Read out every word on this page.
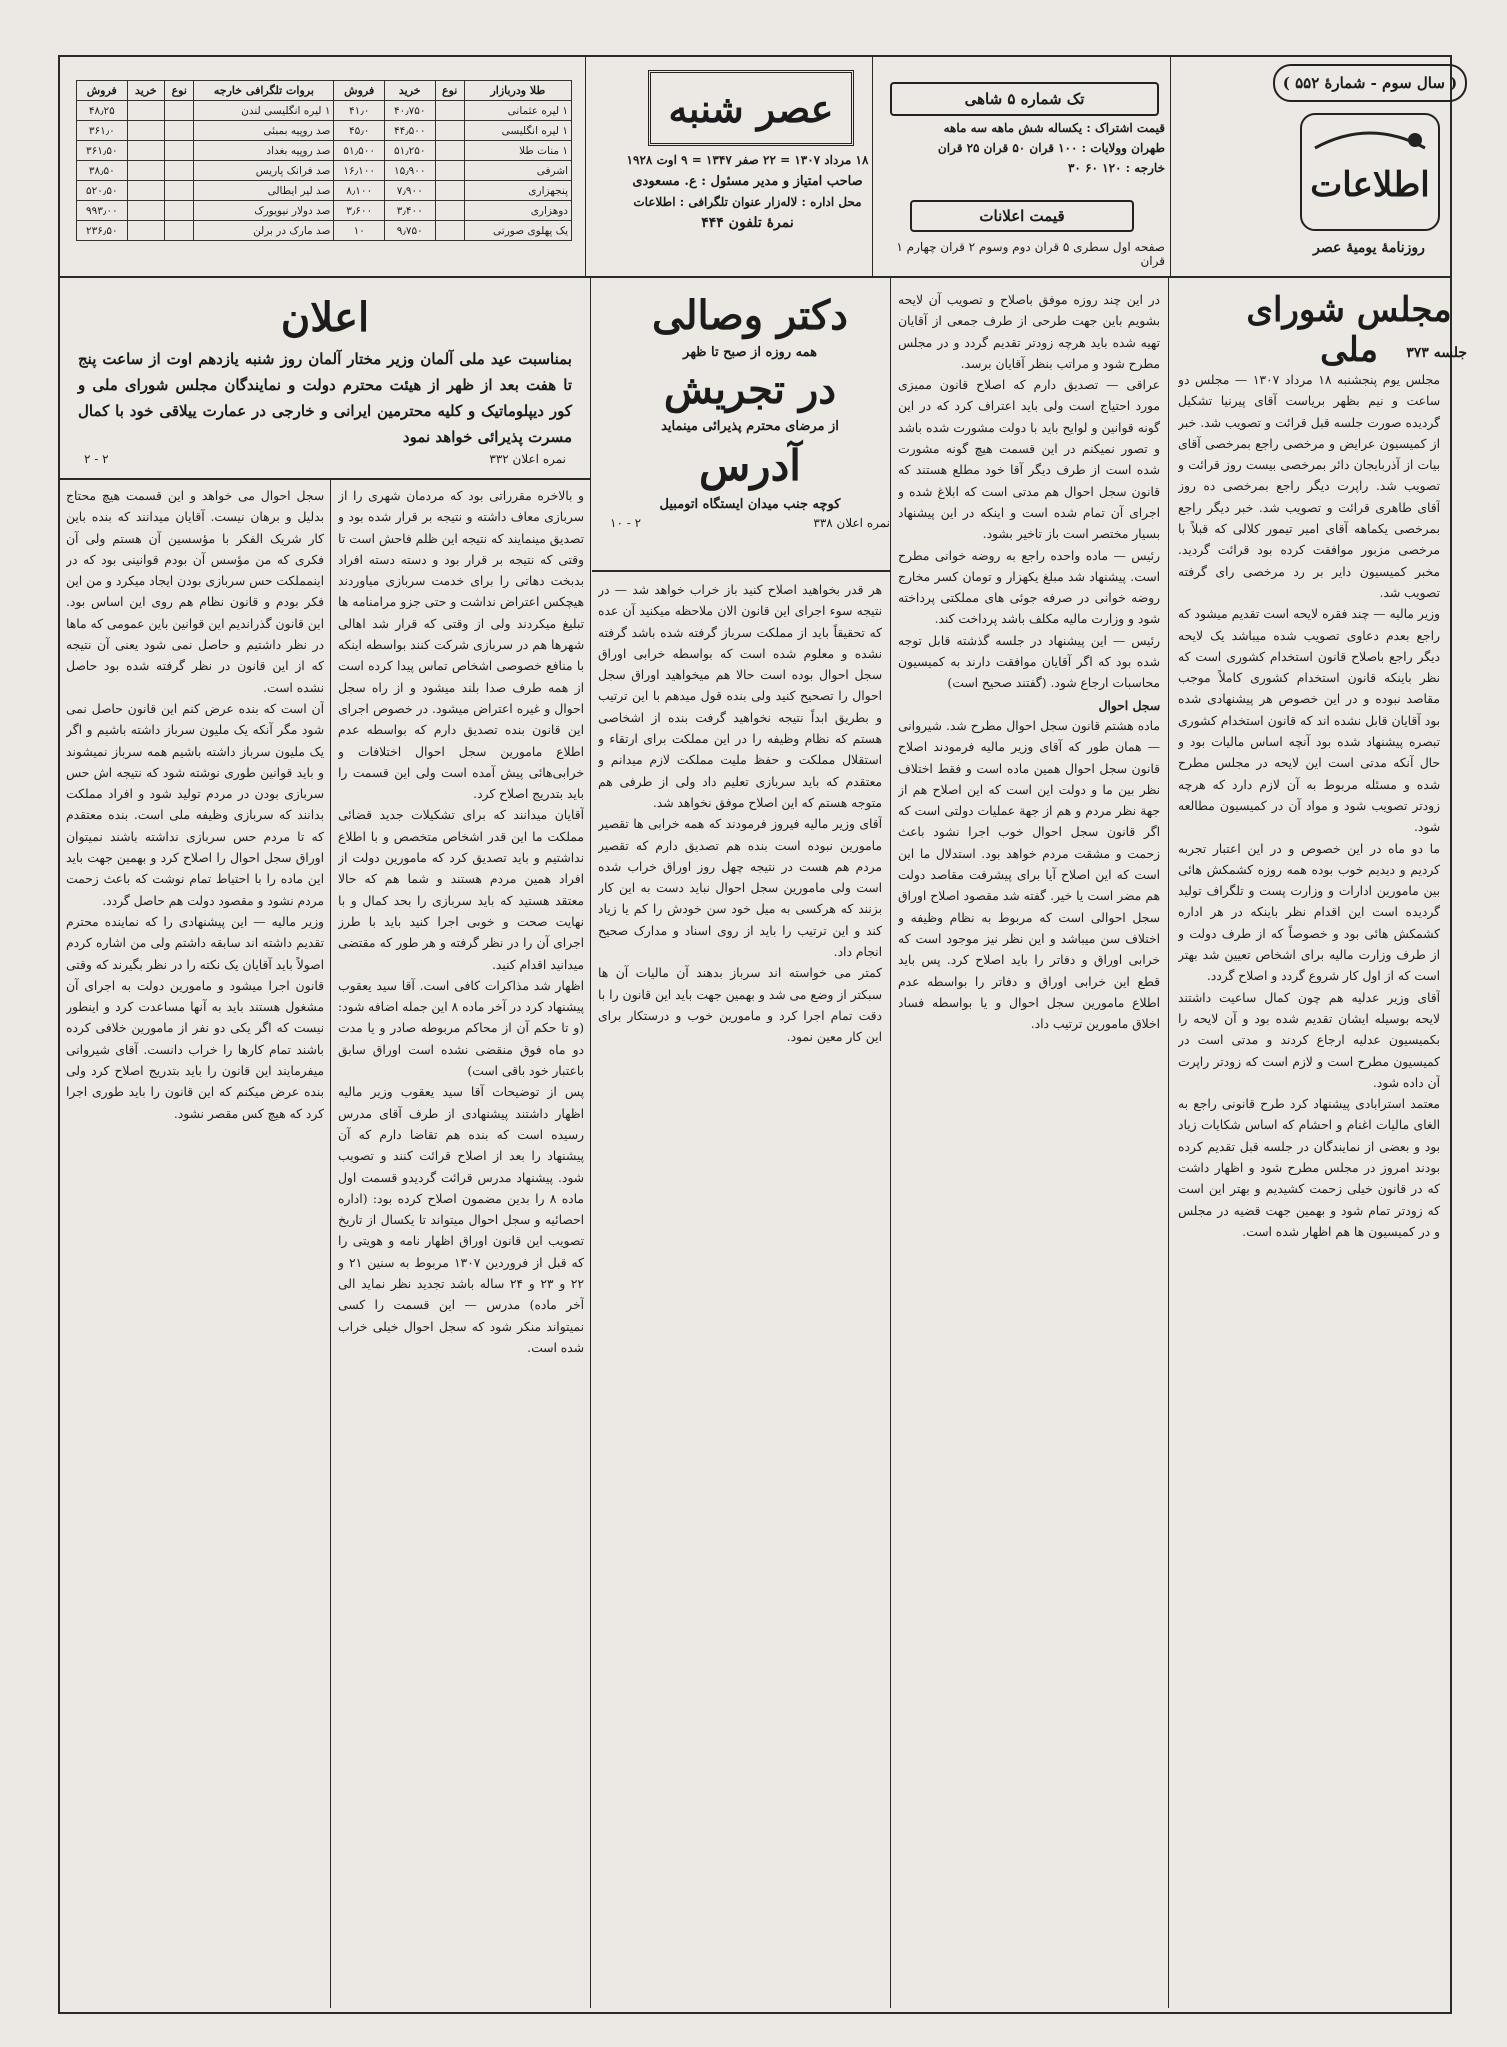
( سال سوم - شمارهٔ ۵۵۲ )
اطلاعات
روزنامهٔ یومیهٔ عصر
تک شماره ۵ شاهی
قیمت اشتراک : یکساله شش ماهه سه ماهه
طهران وولایات : ۱۰۰ قران ۵۰ قران ۲۵ قران
خارجه : ۱۲۰ ۶۰ ۳۰
قیمت اعلانات
صفحه اول سطری ۵ قران دوم وسوم ۲ قران چهارم ۱ قران
عصر ‌شنبه
۱۸ مرداد ۱۳۰۷ = ۲۲ صفر ۱۳۴۷ = ۹ اوت ۱۹۲۸
صاحب امتیاز و مدیر مسئول : ع. مسعودی
محل اداره : لاله‌زار عنوان تلگرافی : اطلاعات
نمرهٔ تلفون ۴۴۴
طلا ودربازار	نوع	خرید	فروش	بروات تلگرافی خارجه	نوع	خرید	فروش
۱ لیره عثمانی		۴۰٫۷۵۰	۴۱٫۰	۱ لیره انگلیسی لندن			۴۸٫۲۵
۱ لیره انگلیسی		۴۴٫۵۰۰	۴۵٫۰	صد روپیه بمبئی			۳۶۱٫۰
۱ منات طلا		۵۱٫۲۵۰	۵۱٫۵۰۰	صد روپیه بغداد			۳۶۱٫۵۰
اشرفی		۱۵٫۹۰۰	۱۶٫۱۰۰	صد فرانک پاریس			۳۸٫۵۰
پنجهزاری		۷٫۹۰۰	۸٫۱۰۰	صد لیر ایطالی			۵۲۰٫۵۰
دوهزاری		۳٫۴۰۰	۳٫۶۰۰	صد دولار نیویورک			۹۹۳٫۰۰
یک پهلوی صورتی		۹٫۷۵۰	۱۰	صد مارک در برلن			۲۳۶٫۵۰
مجلس شورای ملی	جلسه ۳۷۳
دکتر وصالی
همه روزه از صبح تا ظهر
در تجریش
از مرضای محترم پذیرائی مینماید
آدرس
کوچه جنب میدان ایستگاه اتومبیل
نمره اعلان ۳۳۸
۲ - ۱۰
اعلان
بمناسبت عید ملی آلمان وزیر مختار آلمان روز شنبه یازدهم اوت از ساعت پنج تا هفت بعد از ظهر از هیئت محترم دولت و نمایندگان مجلس شورای ملی و کور دیپلوماتیک و کلیه محترمین ایرانی و خارجی در عمارت ییلاقی خود با کمال مسرت پذیرائی خواهد نمود
نمره اعلان ۳۳۲
۲ - ۲

مجلس یوم پنجشنبه ۱۸ مرداد ۱۳۰۷ — مجلس دو ساعت و نیم بظهر بریاست آقای پیرنیا تشکیل گردیده صورت جلسه قبل قرائت و تصویب شد. خبر از کمیسیون عرایض و مرخصی راجع بمرخصی آقای بیات از آذربایجان دائر بمرخصی بیست روز قرائت و تصویب شد. راپرت دیگر راجع بمرخصی ده روز آقای طاهری قرائت و تصویب شد. خبر دیگر راجع بمرخصی یکماهه آقای امیر تیمور کلالی که قبلاً با مرخصی مزبور موافقت کرده بود قرائت گردید. مخبر کمیسیون دایر بر رد مرخصی رای گرفته تصویب شد.

وزیر مالیه — چند فقره لایحه است تقدیم میشود که راجع بعدم دعاوی تصویب شده میباشد یک لایحه دیگر راجع باصلاح قانون استخدام کشوری است که نظر باینکه قانون استخدام کشوری کاملاً موجب مقاصد نبوده و در این خصوص هر پیشنهادی شده بود آقایان قابل نشده اند که قانون استخدام کشوری تبصره پیشنهاد شده بود آنچه اساس مالیات بود و حال آنکه مدتی است این لایحه در مجلس مطرح شده و مسئله مربوط به آن لازم دارد که هرچه زودتر تصویب شود و مواد آن در کمیسیون مطالعه شود.

ما دو ماه در این خصوص و در این اعتبار تجربه کردیم و دیدیم خوب بوده همه روزه کشمکش هائی بین مامورین ادارات و وزارت پست و تلگراف تولید گردیده است این اقدام نظر باینکه در هر اداره کشمکش هائی بود و خصوصاً که از طرف دولت و از طرف وزارت مالیه برای اشخاص تعیین شد بهتر است که از اول کار شروع گردد و اصلاح گردد.

آقای وزیر عدلیه هم چون کمال ساعیت داشتند لایحه بوسیله ایشان تقدیم شده بود و آن لایحه را بکمیسیون عدلیه ارجاع کردند و مدتی است در کمیسیون مطرح است و لازم است که زودتر راپرت آن داده شود.

معتمد استرابادی پیشنهاد کرد طرح قانونی راجع به الغای مالیات اغنام و احشام که اساس شکایات زیاد بود و بعضی از نمایندگان در جلسه قبل تقدیم کرده بودند امروز در مجلس مطرح شود و اظهار داشت که در قانون خیلی زحمت کشیدیم و بهتر این است که زودتر تمام شود و بهمین جهت قضیه در مجلس و در کمیسیون ها هم اظهار شده است.

در این چند روزه موفق باصلاح و تصویب آن لایحه بشویم باین جهت طرحی از طرف جمعی از آقایان تهیه شده باید هرچه زودتر تقدیم گردد و در مجلس مطرح شود و مراتب بنظر آقایان برسد.

عراقی — تصدیق دارم که اصلاح قانون ممیزی مورد احتیاج است ولی باید اعتراف کرد که در این گونه قوانین و لوایح باید با دولت مشورت شده باشد و تصور نمیکنم در این قسمت هیچ گونه مشورت شده است از طرف دیگر آقا خود مطلع هستند که قانون سجل احوال هم مدتی است که ابلاغ شده و اجرای آن تمام شده است و اینکه در این پیشنهاد بسیار مختصر است باز تاخیر بشود.

رئیس — ماده واحده راجع به روضه خوانی مطرح است. پیشنهاد شد مبلغ یکهزار و تومان کسر مخارج روضه خوانی در صرفه جوئی های مملکتی پرداخته شود و وزارت مالیه مکلف باشد پرداخت کند.

رئیس — این پیشنهاد در جلسه گذشته قابل توجه شده بود که اگر آقایان موافقت دارند به کمیسیون محاسبات ارجاع شود. (گفتند صحیح است)

سجل احوال

ماده هشتم قانون سجل احوال مطرح شد. شیروانی — همان طور که آقای وزیر مالیه فرمودند اصلاح قانون سجل احوال همین ماده است و فقط اختلاف نظر بین ما و دولت این است که این اصلاح هم از جهة نظر مردم و هم از جهة عملیات دولتی است که اگر قانون سجل احوال خوب اجرا نشود باعث زحمت و مشقت مردم خواهد بود. استدلال ما این است که این اصلاح آیا برای پیشرفت مقاصد دولت هم مضر است یا خیر. گفته شد مقصود اصلاح اوراق سجل احوالی است که مربوط به نظام وظیفه و اختلاف سن میباشد و این نظر نیز موجود است که خرابی اوراق و دفاتر را باید اصلاح کرد. پس باید قطع این خرابی اوراق و دفاتر را بواسطه عدم اطلاع مامورین سجل احوال و یا بواسطه فساد اخلاق مامورین ترتیب داد.

هر قدر بخواهید اصلاح کنید باز خراب خواهد شد — در نتیجه سوء اجرای این قانون الان ملاحظه میکنید آن عده که تحقیقاً باید از مملکت سرباز گرفته شده باشد گرفته نشده و معلوم شده است که بواسطه خرابی اوراق سجل احوال بوده است حالا هم میخواهید اوراق سجل احوال را تصحیح کنید ولی بنده قول میدهم با این ترتیب و بطریق ابداً نتیجه نخواهید گرفت بنده از اشخاصی هستم که نظام وظیفه را در این مملکت برای ارتقاء و استقلال مملکت و حفظ ملیت مملکت لازم میدانم و معتقدم که باید سربازی تعلیم داد ولی از طرفی هم متوجه هستم که این اصلاح موفق نخواهد شد.

آقای وزیر مالیه فیروز فرمودند که همه خرابی ها تقصیر مامورین نبوده است بنده هم تصدیق دارم که تقصیر مردم هم هست در نتیجه چهل روز اوراق خراب شده است ولی مامورین سجل احوال نباید دست به این کار بزنند که هرکسی به میل خود سن خودش را کم یا زیاد کند و این ترتیب را باید از روی اسناد و مدارک صحیح انجام داد.

کمتر می خواسته اند سرباز بدهند آن مالیات آن ها سبکتر از وضع می شد و بهمین جهت باید این قانون را با دقت تمام اجرا کرد و مامورین خوب و درستکار برای این کار معین نمود.

و بالاخره مقرراتی بود که مردمان شهری را از سربازی معاف داشته و نتیجه بر قرار شده بود و تصدیق مینمایند که نتیجه این ظلم فاحش است تا وقتی که نتیجه بر قرار بود و دسته دسته افراد بدبخت دهاتی را برای خدمت سربازی میاوردند هیچکس اعتراض نداشت و حتی جزو مرامنامه ها تبلیغ میکردند ولی از وقتی که قرار شد اهالی شهرها هم در سربازی شرکت کنند بواسطه اینکه با منافع خصوصی اشخاص تماس پیدا کرده است از همه طرف صدا بلند میشود و از راه سجل احوال و غیره اعتراض میشود. در خصوص اجرای این قانون بنده تصدیق دارم که بواسطه عدم اطلاع مامورین سجل احوال اختلافات و خرابی‌هائی پیش آمده است ولی این قسمت را باید بتدریج اصلاح کرد.

آقایان میدانند که برای تشکیلات جدید قضائی مملکت ما این قدر اشخاص متخصص و با اطلاع نداشتیم و باید تصدیق کرد که مامورین دولت از افراد همین مردم هستند و شما هم که حالا معتقد هستید که باید سربازی را بحد کمال و با نهایت صحت و خوبی اجرا کنید باید با طرز اجرای آن را در نظر گرفته و هر طور که مقتضی میدانید اقدام کنید.

اظهار شد مذاکرات کافی است. آقا سید یعقوب پیشنهاد کرد در آخر ماده ۸ این جمله اضافه شود: (و تا حکم آن از محاکم مربوطه صادر و یا مدت دو ماه فوق منقضی نشده است اوراق سابق باعتبار خود باقی است)

پس از توضیحات آقا سید یعقوب وزیر مالیه اظهار داشتند پیشنهادی از طرف آقای مدرس رسیده است که بنده هم تقاضا دارم که آن پیشنهاد را بعد از اصلاح قرائت کنند و تصویب شود. پیشنهاد مدرس قرائت گردیدو قسمت اول ماده ۸ را بدین مضمون اصلاح کرده بود: (اداره احصائیه و سجل احوال میتواند تا یکسال از تاریخ تصویب این قانون اوراق اظهار نامه و هویتی را که قبل از فروردین ۱۳۰۷ مربوط به سنین ۲۱ و ۲۲ و ۲۳ و ۲۴ ساله باشد تجدید نظر نماید الی آخر ماده) مدرس — این قسمت را کسی نمیتواند منکر شود که سجل احوال خیلی خراب شده است.

سجل احوال می خواهد و این قسمت هیچ محتاج بدلیل و برهان نیست. آقایان میدانند که بنده باین کار شریک الفکر با مؤسسین آن هستم ولی آن فکری که من مؤسس آن بودم قوانینی بود که در اینمملکت حس سربازی بودن ایجاد میکرد و من این فکر بودم و قانون نظام هم روی این اساس بود. این قانون گذراندیم این قوانین باین عمومی که ماها در نظر داشتیم و حاصل نمی شود یعنی آن نتیجه که از این قانون در نظر گرفته شده بود حاصل نشده است.

آن است که بنده عرض کنم این قانون حاصل نمی شود مگر آنکه یک ملیون سرباز داشته باشیم و اگر یک ملیون سرباز داشته باشیم همه سرباز نمیشوند و باید قوانین طوری نوشته شود که نتیجه اش حس سربازی بودن در مردم تولید شود و افراد مملکت بدانند که سربازی وظیفه ملی است. بنده معتقدم که تا مردم حس سربازی نداشته باشند نمیتوان اوراق سجل احوال را اصلاح کرد و بهمین جهت باید این ماده را با احتیاط تمام نوشت که باعث زحمت مردم نشود و مقصود دولت هم حاصل گردد.

وزیر مالیه — این پیشنهادی را که نماینده محترم تقدیم داشته اند سابقه داشتم ولی من اشاره کردم اصولاً باید آقایان یک نکته را در نظر بگیرند که وقتی قانون اجرا میشود و مامورین دولت به اجرای آن مشغول هستند باید به آنها مساعدت کرد و اینطور نیست که اگر یکی دو نفر از مامورین خلافی کرده باشند تمام کارها را خراب دانست. آقای شیروانی میفرمایند این قانون را باید بتدریج اصلاح کرد ولی بنده عرض میکنم که این قانون را باید طوری اجرا کرد که هیچ کس مقصر نشود.
